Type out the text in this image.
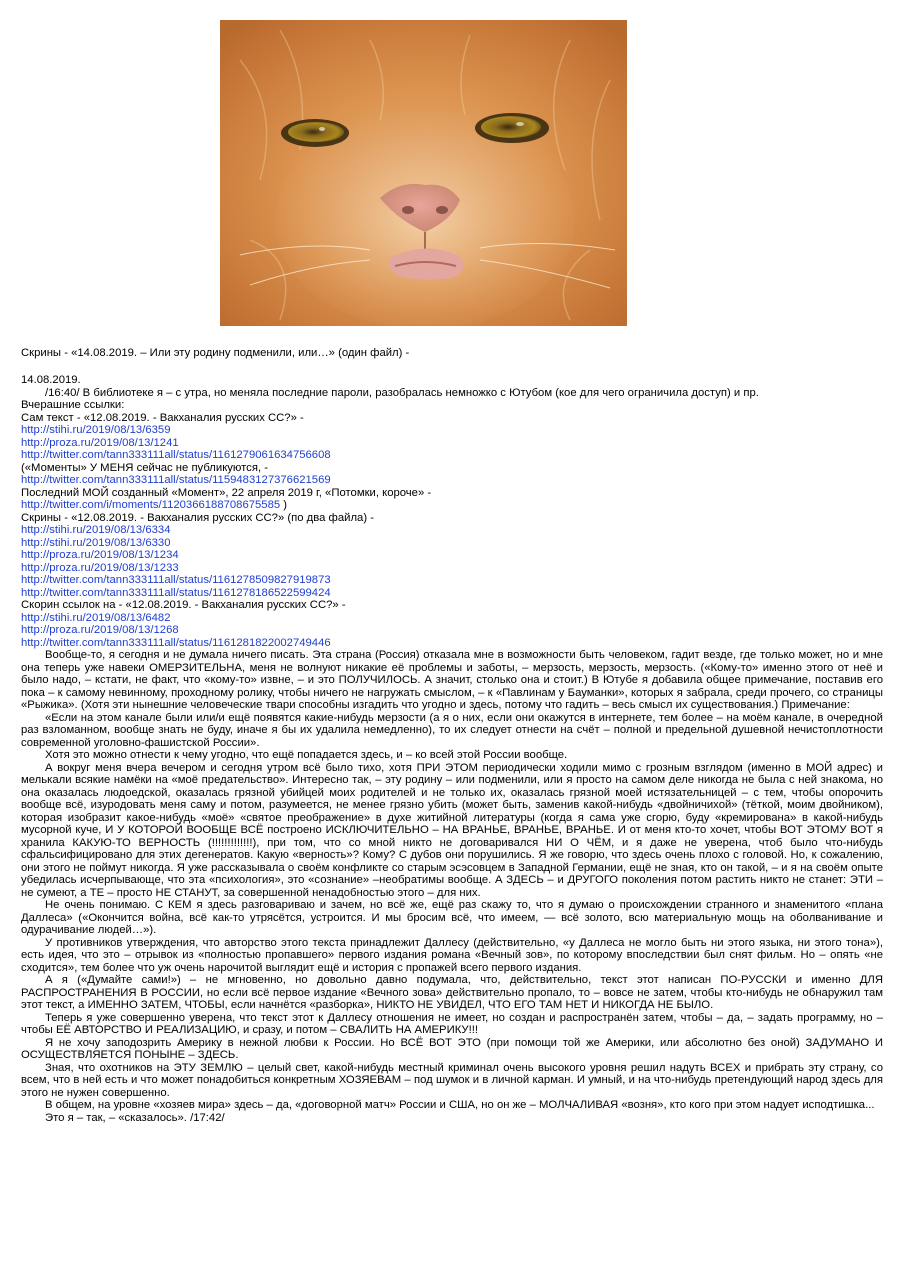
Скрины - «14.08.2019. – Или эту родину подменили, или…» (один файл) -
14.08.2019.
/16:40/ В библиотеке я – с утра, но меняла последние пароли, разобралась немножко с Ютубом (кое для чего ограничила доступ) и пр.
Вчерашние ссылки:
Сам текст - «12.08.2019. - Вакханалия русских СС?» -
http://stihi.ru/2019/08/13/6359
http://proza.ru/2019/08/13/1241
http://twitter.com/tann333111all/status/1161279061634756608
(«Моменты» У МЕНЯ сейчас не публикуются, -
http://twitter.com/tann333111all/status/1159483127376621569
Последний МОЙ созданный «Момент», 22 апреля 2019 г, «Потомки, короче» -
http://twitter.com/i/moments/1120366188708675585 )
Скрины - «12.08.2019. - Вакханалия русских СС?» (по два файла) -
http://stihi.ru/2019/08/13/6334
http://stihi.ru/2019/08/13/6330
http://proza.ru/2019/08/13/1234
http://proza.ru/2019/08/13/1233
http://twitter.com/tann333111all/status/1161278509827919873
http://twitter.com/tann333111all/status/1161278186522599424
Скорин ссылок на - «12.08.2019. - Вакханалия русских СС?» -
http://stihi.ru/2019/08/13/6482
http://proza.ru/2019/08/13/1268
http://twitter.com/tann333111all/status/1161281822002749446

Вообще-то, я сегодня и не думала ничего писать. Эта страна (Россия) отказала мне в возможности быть человеком, гадит везде, где только может, но и мне она теперь уже навеки ОМЕРЗИТЕЛЬНА, меня не волнуют никакие её проблемы и заботы, – мерзость, мерзость, мерзость. («Кому-то» именно этого от неё и было надо, – кстати, не факт, что «кому-то» извне, – и это ПОЛУЧИЛОСЬ. А значит, столько она и стоит.) В Ютубе я добавила общее примечание, поставив его пока – к самому невинному, проходному ролику, чтобы ничего не нагружать смыслом, – к «Павлинам у Бауманки», которых я забрала, среди прочего, со страницы «Рыжика». (Хотя эти нынешние человеческие твари способны изгадить что угодно и здесь, потому что гадить – весь смысл их существования.) Примечание:

«Если на этом канале были или/и ещё появятся какие-нибудь мерзости (а я о них, если они окажутся в интернете, тем более – на моём канале, в очередной раз взломанном, вообще знать не буду, иначе я бы их удалила немедленно), то их следует отнести на счёт – полной и предельной душевной нечистоплотности современной уголовно-фашистской России».

Хотя это можно отнести к чему угодно, что ещё попадается здесь, и – ко всей этой России вообще.

А вокруг меня вчера вечером и сегодня утром всё было тихо, хотя ПРИ ЭТОМ периодически ходили мимо с грозным взглядом (именно в МОЙ адрес) и мелькали всякие намёки на «моё предательство». Интересно так, – эту родину – или подменили, или я просто на самом деле никогда не была с ней знакома, но она оказалась людоедской, оказалась грязной убийцей моих родителей и не только их, оказалась грязной моей истязательницей – с тем, чтобы опорочить вообще всё, изуродовать меня саму и потом, разумеется, не менее грязно убить (может быть, заменив какой-нибудь «двойничихой» (тёткой, моим двойником), которая изобразит какое-нибудь «моё» «святое преображение» в духе житийной литературы (когда я сама уже сгорю, буду «кремирована» в какой-нибудь мусорной куче, И У КОТОРОЙ ВООБЩЕ ВСЁ построено ИСКЛЮЧИТЕЛЬНО – НА ВРАНЬЕ, ВРАНЬЕ, ВРАНЬЕ. И от меня кто-то хочет, чтобы ВОТ ЭТОМУ ВОТ я хранила КАКУЮ-ТО ВЕРНОСТЬ (!!!!!!!!!!!!!), при том, что со мной никто не договаривался НИ О ЧЁМ, и я даже не уверена, чтоб было что-нибудь сфальсифицировано для этих дегенератов. Какую «верность»? Кому? С дубов они порушились. Я же говорю, что здесь очень плохо с головой. Но, к сожалению, они этого не поймут никогда. Я уже рассказывала о своём конфликте со старым эсэсовцем в Западной Германии, ещё не зная, кто он такой, – и я на своём опыте убедилась исчерпывающе, что эта «психология», это «сознание» –необратимы вообще. А ЗДЕСЬ – и ДРУГОГО поколения потом растить никто не станет: ЭТИ – не сумеют, а ТЕ – просто НЕ СТАНУТ, за совершенной ненадобностью этого – для них.

Не очень понимаю. С КЕМ я здесь разговариваю и зачем, но всё же, ещё раз скажу то, что я думаю о происхождении странного и знаменитого «плана Даллеса» («Окончится война, всё как-то утрясётся, устроится. И мы бросим всё, что имеем, — всё золото, всю материальную мощь на оболванивание и одурачивание людей…»).

У противников утверждения, что авторство этого текста принадлежит Даллесу (действительно, «у Даллеса не могло быть ни этого языка, ни этого тона»), есть идея, что это – отрывок из «полностью пропавшего» первого издания романа «Вечный зов», по которому впоследствии был снят фильм. Но – опять «не сходится», тем более что уж очень нарочитой выглядит ещё и история с пропажей всего первого издания.

А я («Думайте сами!») – не мгновенно, но довольно давно подумала, что, действительно, текст этот написан ПО-РУССКИ и именно ДЛЯ РАСПРОСТРАНЕНИЯ В РОССИИ, но если всё первое издание «Вечного зова» действительно пропало, то – вовсе не затем, чтобы кто-нибудь не обнаружил там этот текст, а ИМЕННО ЗАТЕМ, ЧТОБЫ, если начнётся «разборка», НИКТО НЕ УВИДЕЛ, ЧТО ЕГО ТАМ НЕТ И НИКОГДА НЕ БЫЛО.

Теперь я уже совершенно уверена, что текст этот к Даллесу отношения не имеет, но создан и распространён затем, чтобы – да, – задать программу, но – чтобы ЕЁ АВТОРСТВО И РЕАЛИЗАЦИЮ, и сразу, и потом – СВАЛИТЬ НА АМЕРИКУ!!!

Я не хочу заподозрить Америку в нежной любви к России. Но ВСЁ ВОТ ЭТО (при помощи той же Америки, или абсолютно без оной) ЗАДУМАНО И ОСУЩЕСТВЛЯЕТСЯ ПОНЫНЕ – ЗДЕСЬ.

Зная, что охотников на ЭТУ ЗЕМЛЮ – целый свет, какой-нибудь местный криминал очень высокого уровня решил надуть ВСЕХ и прибрать эту страну, со всем, что в ней есть и что может понадобиться конкретным ХОЗЯЕВАМ – под шумок и в личной карман. И умный, и на что-нибудь претендующий народ здесь для этого не нужен совершенно.

В общем, на уровне «хозяев мира» здесь – да, «договорной матч» России и США, но он же – МОЛЧАЛИВАЯ «возня», кто кого при этом надует исподтишка...

Это я – так, – «сказалось». /17:42/
